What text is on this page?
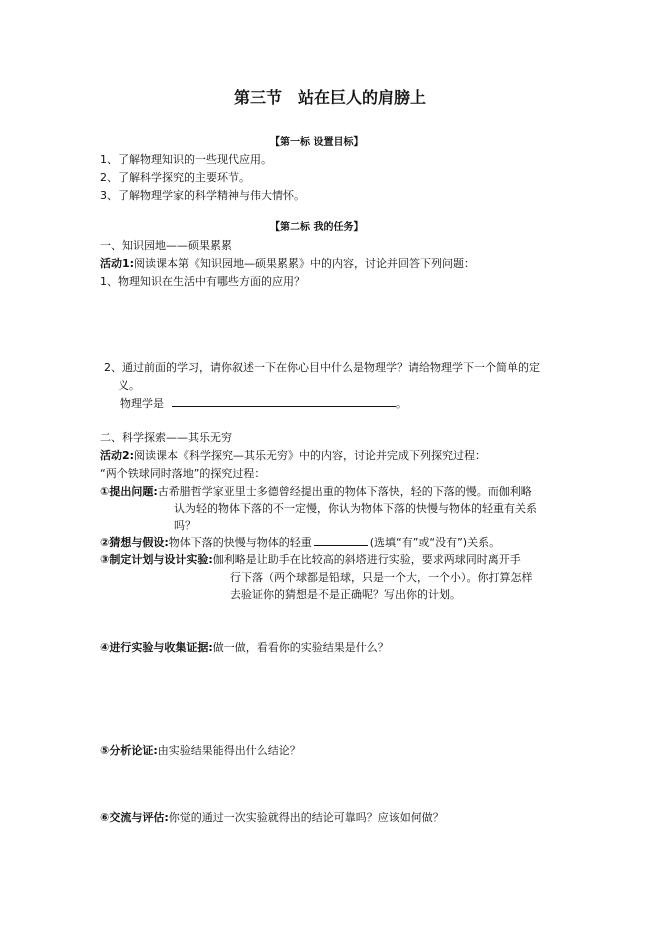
第三节　站在巨人的肩膀上
【第一标 设置目标】
1、了解物理知识的一些现代应用。
2、了解科学探究的主要环节。
3、了解物理学家的科学精神与伟大情怀。
【第二标 我的任务】
一、知识园地——硕果累累
活动1:阅读课本第《知识园地—硕果累累》中的内容，讨论并回答下列问题：
1、物理知识在生活中有哪些方面的应用？
2、通过前面的学习，请你叙述一下在你心目中什么是物理学？请给物理学下一个简单的定
义。
物理学是	。
二、科学探索——其乐无穷
活动2:阅读课本《科学探究—其乐无穷》中的内容，讨论并完成下列探究过程：
“两个铁球同时落地”的探究过程：
①提出问题:古希腊哲学家亚里士多德曾经提出重的物体下落快，轻的下落的慢。而伽利略
认为轻的物体下落的不一定慢，你认为物体下落的快慢与物体的轻重有关系
吗？
②猜想与假设:物体下落的快慢与物体的轻重	(选填“有”或“没有”)关系。
③制定计划与设计实验:伽利略是让助手在比较高的斜塔进行实验，要求两球同时离开手
行下落（两个球都是铅球，只是一个大，一个小）。你打算怎样
去验证你的猜想是不是正确呢？写出你的计划。
④进行实验与收集证据:做一做，看看你的实验结果是什么？
⑤分析论证:由实验结果能得出什么结论？
⑥交流与评估:你觉的通过一次实验就得出的结论可靠吗？应该如何做？
